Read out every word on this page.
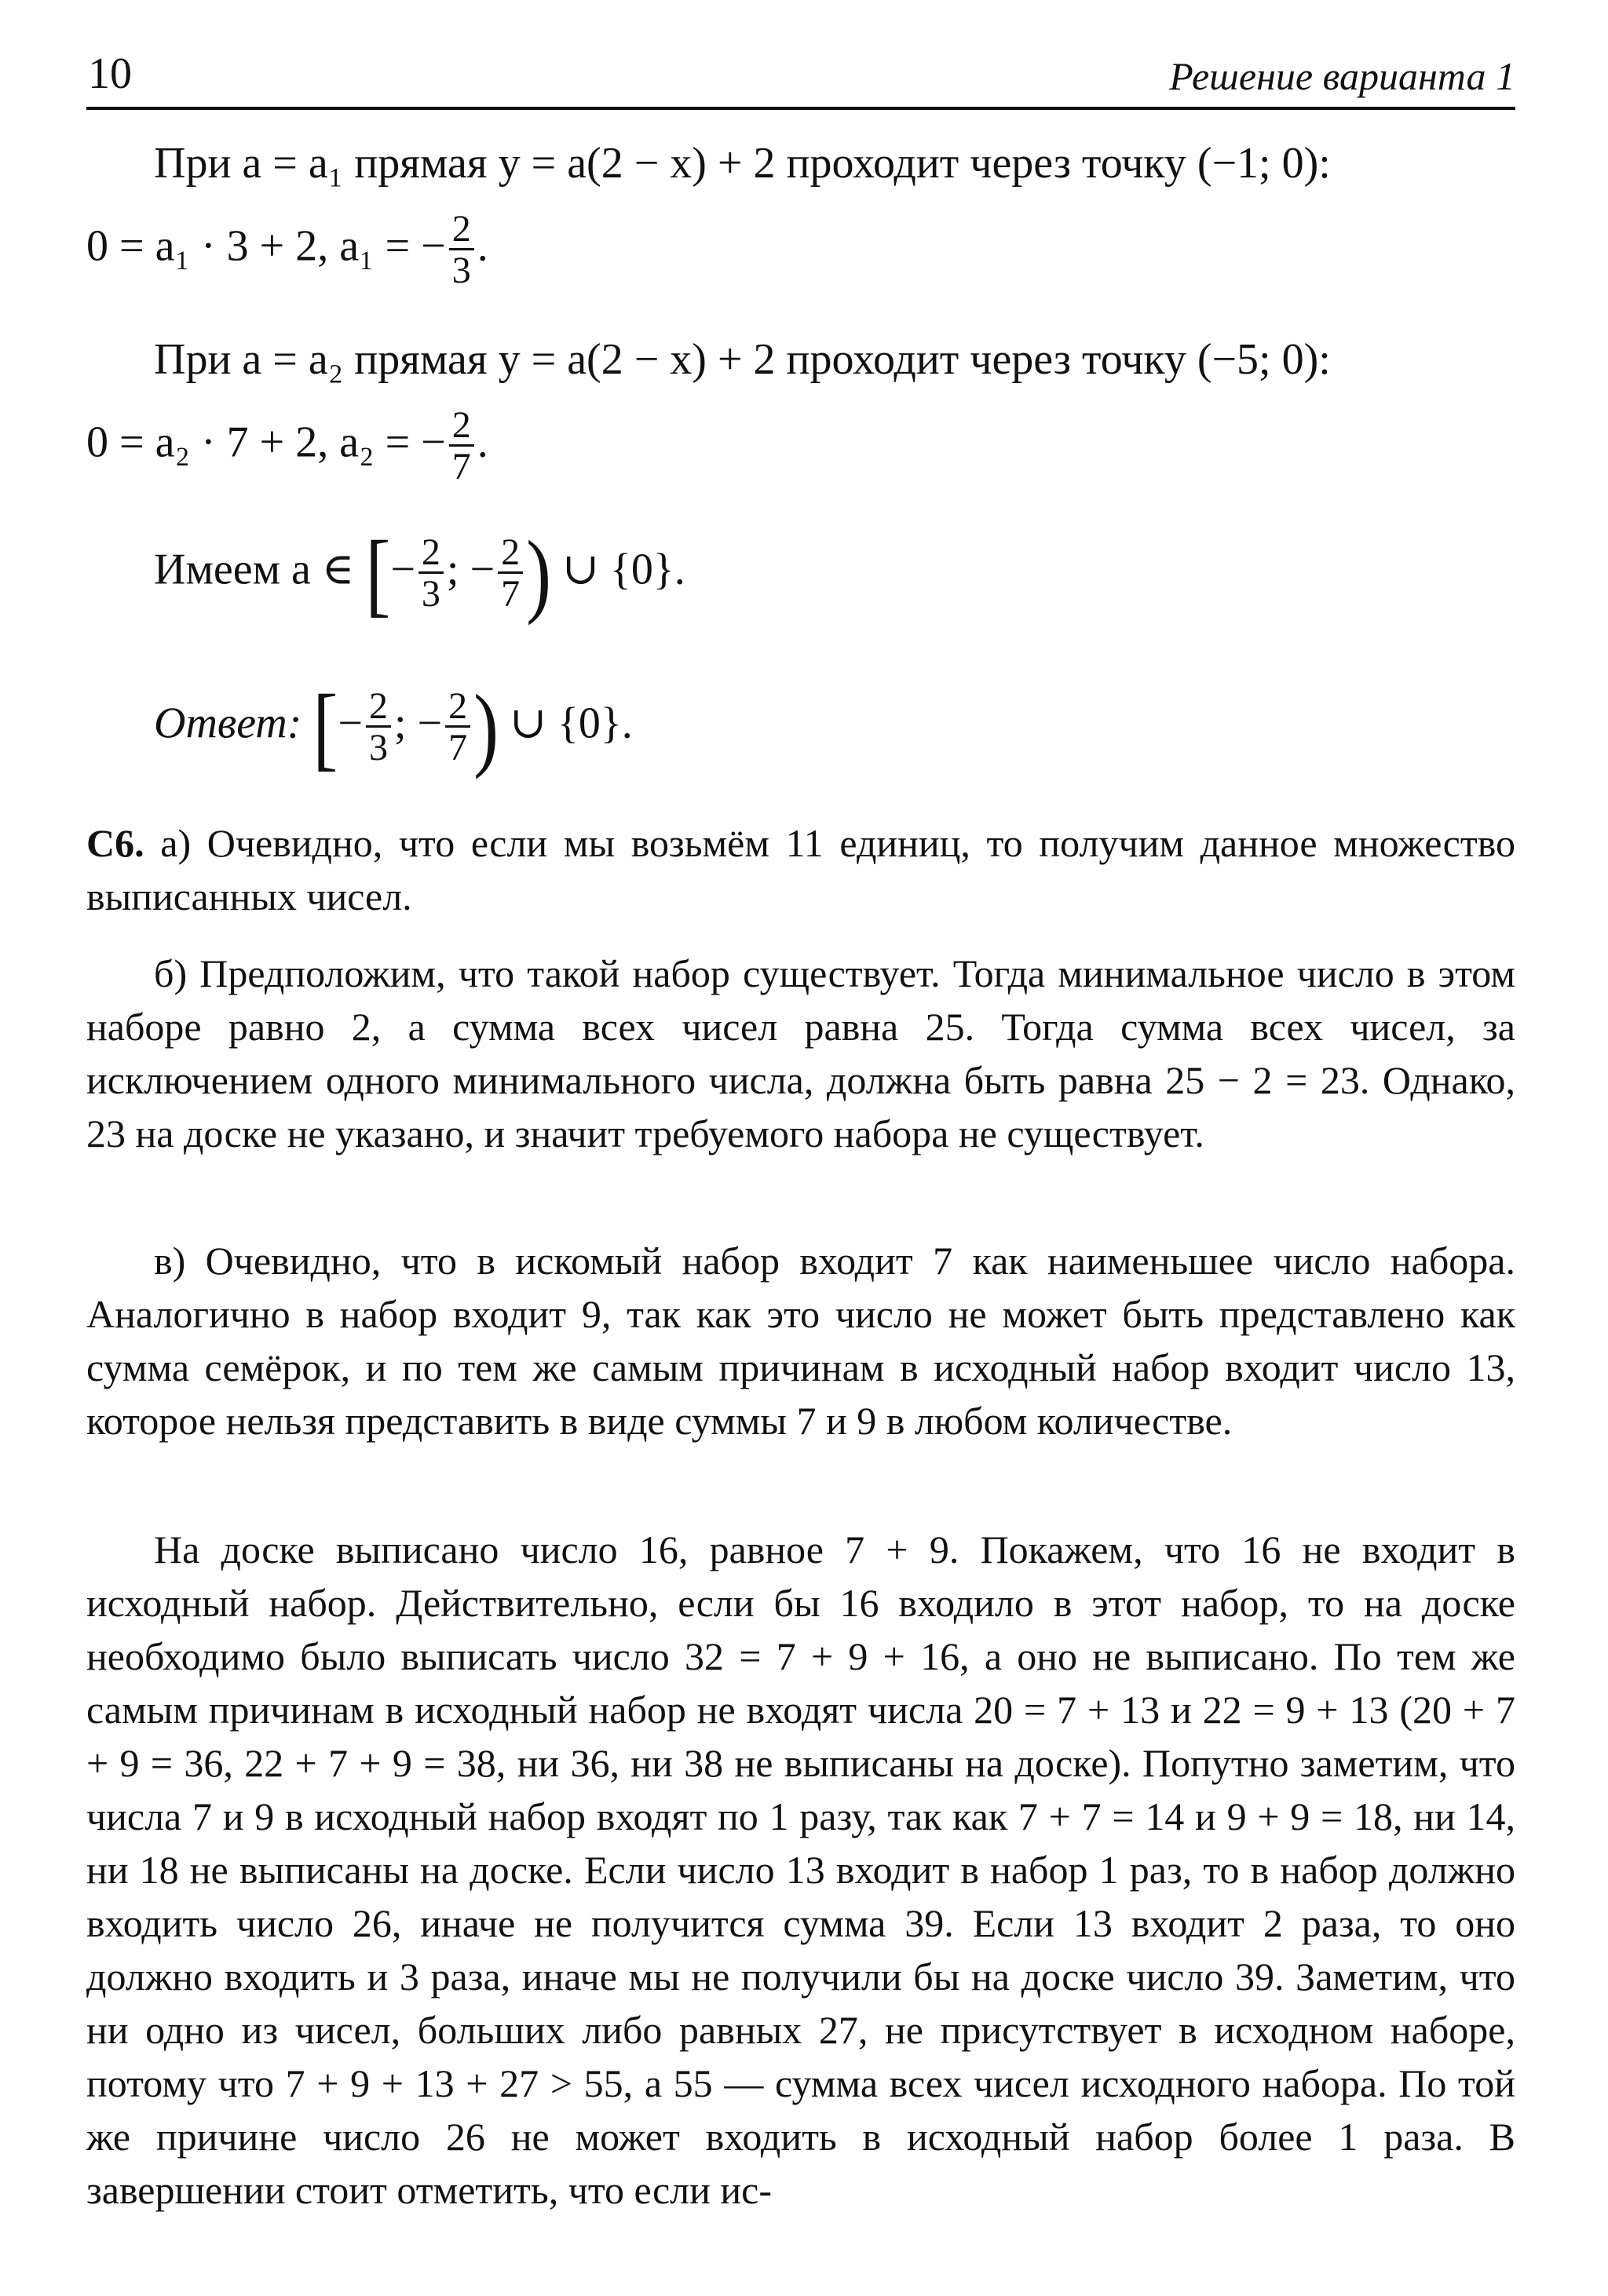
10	Решение варианта 1
При a = a₁ прямая y = a(2 − x) + 2 проходит через точку (−1; 0):
0 = a₁ · 3 + 2, a₁ = − $\frac{2}{3}$ .
При a = a₂ прямая y = a(2 − x) + 2 проходит через точку (−5; 0):
0 = a₂ · 7 + 2, a₂ = − $\frac{2}{7}$ .
Имеем a ∈ [− $\frac{2}{3}$ ; − $\frac{2}{7}$ ) ∪ {0}.
Ответ: [− $\frac{2}{3}$ ; − $\frac{2}{7}$ ) ∪ {0}.
С6. а) Очевидно, что если мы возьмём 11 единиц, то получим данное множество выписанных чисел.
б) Предположим, что такой набор существует. Тогда минимальное число в этом наборе равно 2, а сумма всех чисел равна 25. Тогда сумма всех чисел, за исключением одного минимального числа, должна быть равна 25 − 2 = 23. Однако, 23 на доске не указано, и значит требуемого набора не существует.
в) Очевидно, что в искомый набор входит 7 как наименьшее число набора. Аналогично в набор входит 9, так как это число не может быть представлено как сумма семёрок, и по тем же самым причинам в исходный набор входит число 13, которое нельзя представить в виде суммы 7 и 9 в любом количестве.
На доске выписано число 16, равное 7 + 9. Покажем, что 16 не входит в исходный набор. Действительно, если бы 16 входило в этот набор, то на доске необходимо было выписать число 32 = 7 + 9 + 16, а оно не выписано. По тем же самым причинам в исходный набор не входят числа 20 = 7 + 13 и 22 = 9 + 13 (20 + 7 + 9 = 36, 22 + 7 + 9 = 38, ни 36, ни 38 не выписаны на доске). Попутно заметим, что числа 7 и 9 в исходный набор входят по 1 разу, так как 7 + 7 = 14 и 9 + 9 = 18, ни 14, ни 18 не выписаны на доске. Если число 13 входит в набор 1 раз, то в набор должно входить число 26, иначе не получится сумма 39. Если 13 входит 2 раза, то оно должно входить и 3 раза, иначе мы не получили бы на доске число 39. Заметим, что ни одно из чисел, больших либо равных 27, не присутствует в исходном наборе, потому что 7 + 9 + 13 + 27 > 55, а 55 — сумма всех чисел исходного набора. По той же причине число 26 не может входить в исходный набор более 1 раза. В завершении стоит отметить, что если ис-
